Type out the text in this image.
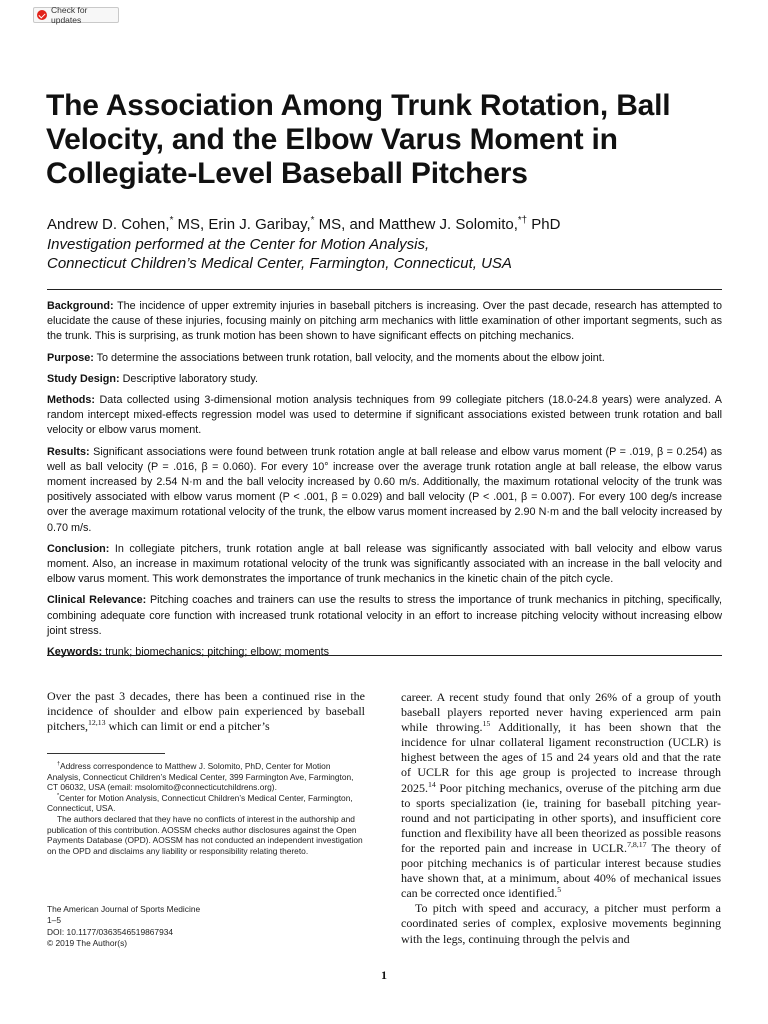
Check for updates
The Association Among Trunk Rotation, Ball Velocity, and the Elbow Varus Moment in Collegiate-Level Baseball Pitchers
Andrew D. Cohen,* MS, Erin J. Garibay,* MS, and Matthew J. Solomito,*† PhD
Investigation performed at the Center for Motion Analysis,
Connecticut Children’s Medical Center, Farmington, Connecticut, USA

Background: The incidence of upper extremity injuries in baseball pitchers is increasing. Over the past decade, research has attempted to elucidate the cause of these injuries, focusing mainly on pitching arm mechanics with little examination of other important segments, such as the trunk. This is surprising, as trunk motion has been shown to have significant effects on pitching mechanics.

Purpose: To determine the associations between trunk rotation, ball velocity, and the moments about the elbow joint.

Study Design: Descriptive laboratory study.

Methods: Data collected using 3-dimensional motion analysis techniques from 99 collegiate pitchers (18.0-24.8 years) were analyzed. A random intercept mixed-effects regression model was used to determine if significant associations existed between trunk rotation and ball velocity or elbow varus moment.

Results: Significant associations were found between trunk rotation angle at ball release and elbow varus moment (P = .019, β = 0.254) as well as ball velocity (P = .016, β = 0.060). For every 10° increase over the average trunk rotation angle at ball release, the elbow varus moment increased by 2.54 N·m and the ball velocity increased by 0.60 m/s. Additionally, the maximum rotational velocity of the trunk was positively associated with elbow varus moment (P < .001, β = 0.029) and ball velocity (P < .001, β = 0.007). For every 100 deg/s increase over the average maximum rotational velocity of the trunk, the elbow varus moment increased by 2.90 N·m and the ball velocity increased by 0.70 m/s.

Conclusion: In collegiate pitchers, trunk rotation angle at ball release was significantly associated with ball velocity and elbow varus moment. Also, an increase in maximum rotational velocity of the trunk was significantly associated with an increase in the ball velocity and elbow varus moment. This work demonstrates the importance of trunk mechanics in the kinetic chain of the pitch cycle.

Clinical Relevance: Pitching coaches and trainers can use the results to stress the importance of trunk mechanics in pitching, specifically, combining adequate core function with increased trunk rotational velocity in an effort to increase pitching velocity without increasing elbow joint stress.

Keywords: trunk; biomechanics; pitching; elbow; moments

Over the past 3 decades, there has been a continued rise in the incidence of shoulder and elbow pain experienced by baseball pitchers,$^{12,13}$ which can limit or end a pitcher’s

†Address correspondence to Matthew J. Solomito, PhD, Center for Motion Analysis, Connecticut Children’s Medical Center, 399 Farmington Ave, Farmington, CT 06032, USA (email: msolomito@connecticutchildrens.org).

*Center for Motion Analysis, Connecticut Children’s Medical Center, Farmington, Connecticut, USA.

The authors declared that they have no conflicts of interest in the authorship and publication of this contribution. AOSSM checks author disclosures against the Open Payments Database (OPD). AOSSM has not conducted an independent investigation on the OPD and disclaims any liability or responsibility relating thereto.

The American Journal of Sports Medicine
1–5
DOI: 10.1177/0363546519867934
© 2019 The Author(s)

career. A recent study found that only 26% of a group of youth baseball players reported never having experienced arm pain while throwing.$^{15}$ Additionally, it has been shown that the incidence for ulnar collateral ligament reconstruction (UCLR) is highest between the ages of 15 and 24 years old and that the rate of UCLR for this age group is projected to increase through 2025.14 Poor pitching mechanics, overuse of the pitching arm due to sports specialization (ie, training for baseball pitching year-round and not participating in other sports), and insufficient core function and flexibility have all been theorized as possible reasons for the reported pain and increase in UCLR.$^{7,8,17}$ The theory of poor pitching mechanics is of particular interest because studies have shown that, at a minimum, about 40% of mechanical issues can be corrected once identified.$^5$

To pitch with speed and accuracy, a pitcher must perform a coordinated series of complex, explosive movements beginning with the legs, continuing through the pelvis and

1
